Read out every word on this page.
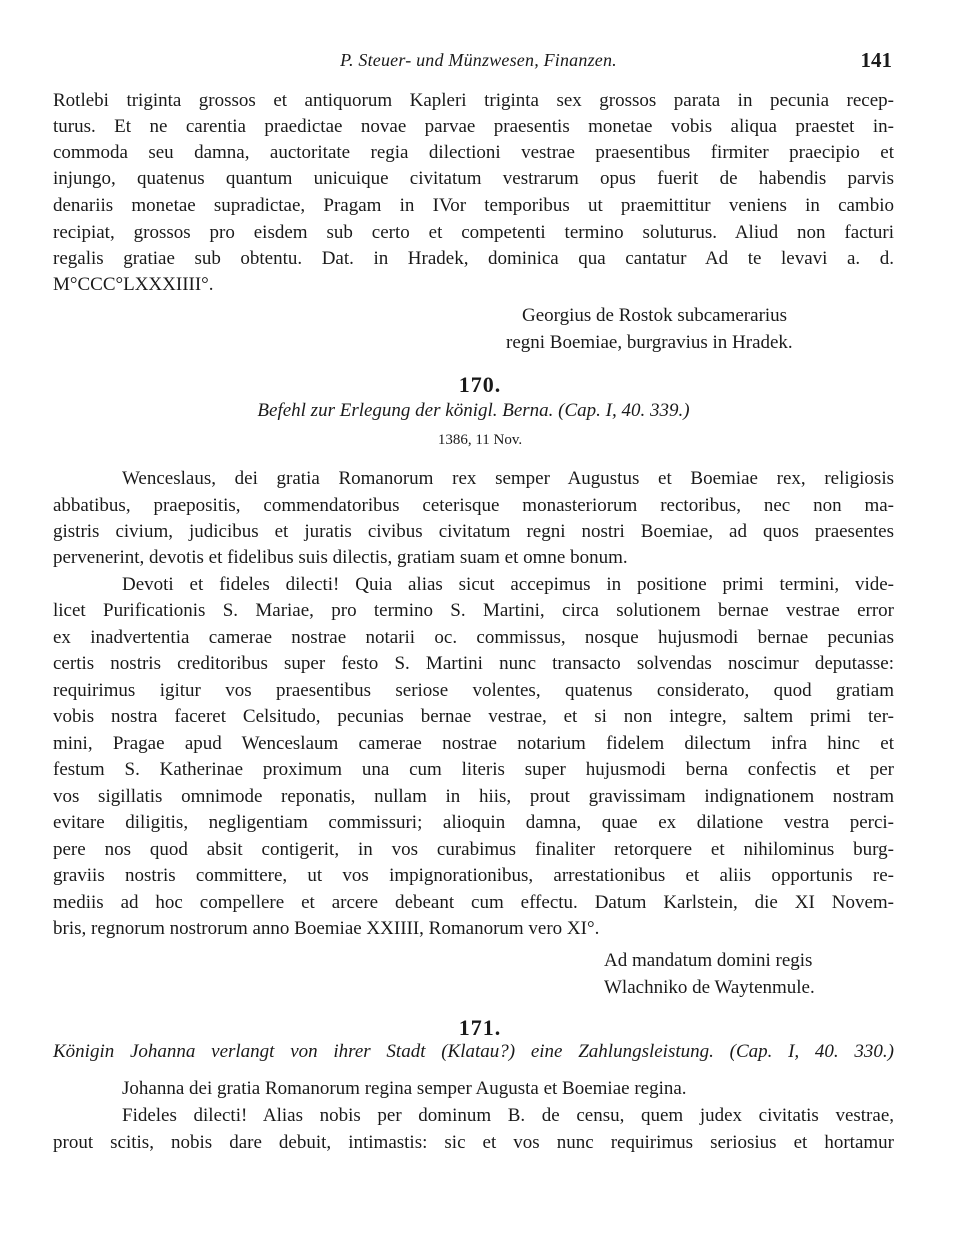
P. Steuer- und Münzwesen, Finanzen.	141
Rotlebi triginta grossos et antiquorum Kapleri triginta sex grossos parata in pecunia recep-
turus. Et ne carentia praedictae novae parvae praesentis monetae vobis aliqua praestet in-
commoda seu damna, auctoritate regia dilectioni vestrae praesentibus firmiter praecipio et
injungo, quatenus quantum unicuique civitatum vestrarum opus fuerit de habendis parvis
denariis monetae supradictae, Pragam in IVor temporibus ut praemittitur veniens in cambio
recipiat, grossos pro eisdem sub certo et competenti termino soluturus. Aliud non facturi
regalis gratiae sub obtentu. Dat. in Hradek, dominica qua cantatur Ad te levavi a. d.
M°CCC°LXXXIIII°.
Georgius de Rostok subcamerarius
regni Boemiae, burgravius in Hradek.
170.
Befehl zur Erlegung der königl. Berna. (Cap. I, 40. 339.)
1386, 11 Nov.
Wenceslaus, dei gratia Romanorum rex semper Augustus et Boemiae rex, religiosis
abbatibus, praepositis, commendatoribus ceterisque monasteriorum rectoribus, nec non ma-
gistris civium, judicibus et juratis civibus civitatum regni nostri Boemiae, ad quos praesentes
pervenerint, devotis et fidelibus suis dilectis, gratiam suam et omne bonum.
Devoti et fideles dilecti! Quia alias sicut accepimus in positione primi termini, vide-
licet Purificationis S. Mariae, pro termino S. Martini, circa solutionem bernae vestrae error
ex inadvertentia camerae nostrae notarii oc. commissus, nosque hujusmodi bernae pecunias
certis nostris creditoribus super festo S. Martini nunc transacto solvendas noscimur deputasse:
requirimus igitur vos praesentibus seriose volentes, quatenus considerato, quod gratiam
vobis nostra faceret Celsitudo, pecunias bernae vestrae, et si non integre, saltem primi ter-
mini, Pragae apud Wenceslaum camerae nostrae notarium fidelem dilectum infra hinc et
festum S. Katherinae proximum una cum literis super hujusmodi berna confectis et per
vos sigillatis omnimode reponatis, nullam in hiis, prout gravissimam indignationem nostram
evitare diligitis, negligentiam commissuri; alioquin damna, quae ex dilatione vestra perci-
pere nos quod absit contigerit, in vos curabimus finaliter retorquere et nihilominus burg-
graviis nostris committere, ut vos impignorationibus, arrestationibus et aliis opportunis re-
mediis ad hoc compellere et arcere debeant cum effectu. Datum Karlstein, die XI Novem-
bris, regnorum nostrorum anno Boemiae XXIIII, Romanorum vero XI°.
Ad mandatum domini regis
Wlachniko de Waytenmule.
171.
Königin Johanna verlangt von ihrer Stadt (Klatau?) eine Zahlungsleistung. (Cap. I, 40. 330.)
Johanna dei gratia Romanorum regina semper Augusta et Boemiae regina.
Fideles dilecti! Alias nobis per dominum B. de censu, quem judex civitatis vestrae,
prout scitis, nobis dare debuit, intimastis: sic et vos nunc requirimus seriosius et hortamur
